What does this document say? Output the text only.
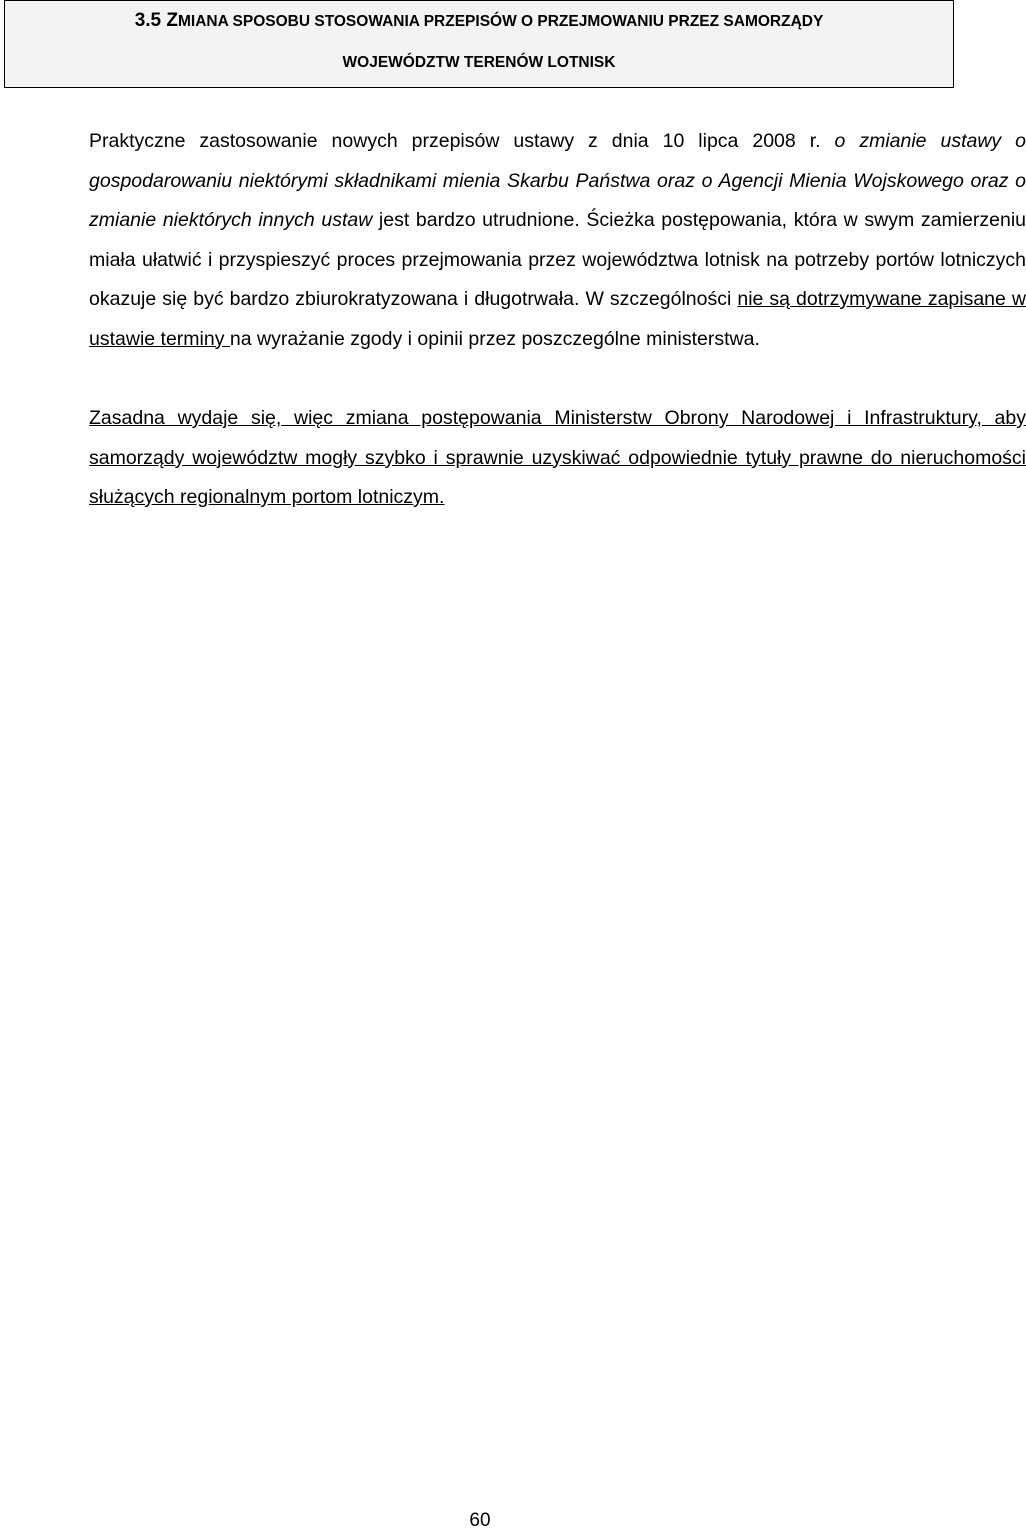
3.5 ZMIANA SPOSOBU STOSOWANIA PRZEPISÓW O PRZEJMOWANIU PRZEZ SAMORZĄDY
WOJEWÓDZTW TERENÓW LOTNISK
Praktyczne zastosowanie nowych przepisów ustawy z dnia 10 lipca 2008 r. o zmianie ustawy o gospodarowaniu niektórymi składnikami mienia Skarbu Państwa oraz o Agencji Mienia Wojskowego oraz o zmianie niektórych innych ustaw jest bardzo utrudnione. Ścieżka postępowania, która w swym zamierzeniu miała ułatwić i przyspieszyć proces przejmowania przez województwa lotnisk na potrzeby portów lotniczych okazuje się być bardzo zbiurokratyzowana i długotrwała. W szczególności nie są dotrzymywane zapisane w ustawie terminy na wyrażanie zgody i opinii przez poszczególne ministerstwa.
Zasadna wydaje się, więc zmiana postępowania Ministerstw Obrony Narodowej i Infrastruktury, aby samorządy województw mogły szybko i sprawnie uzyskiwać odpowiednie tytuły prawne do nieruchomości służących regionalnym portom lotniczym.
60
